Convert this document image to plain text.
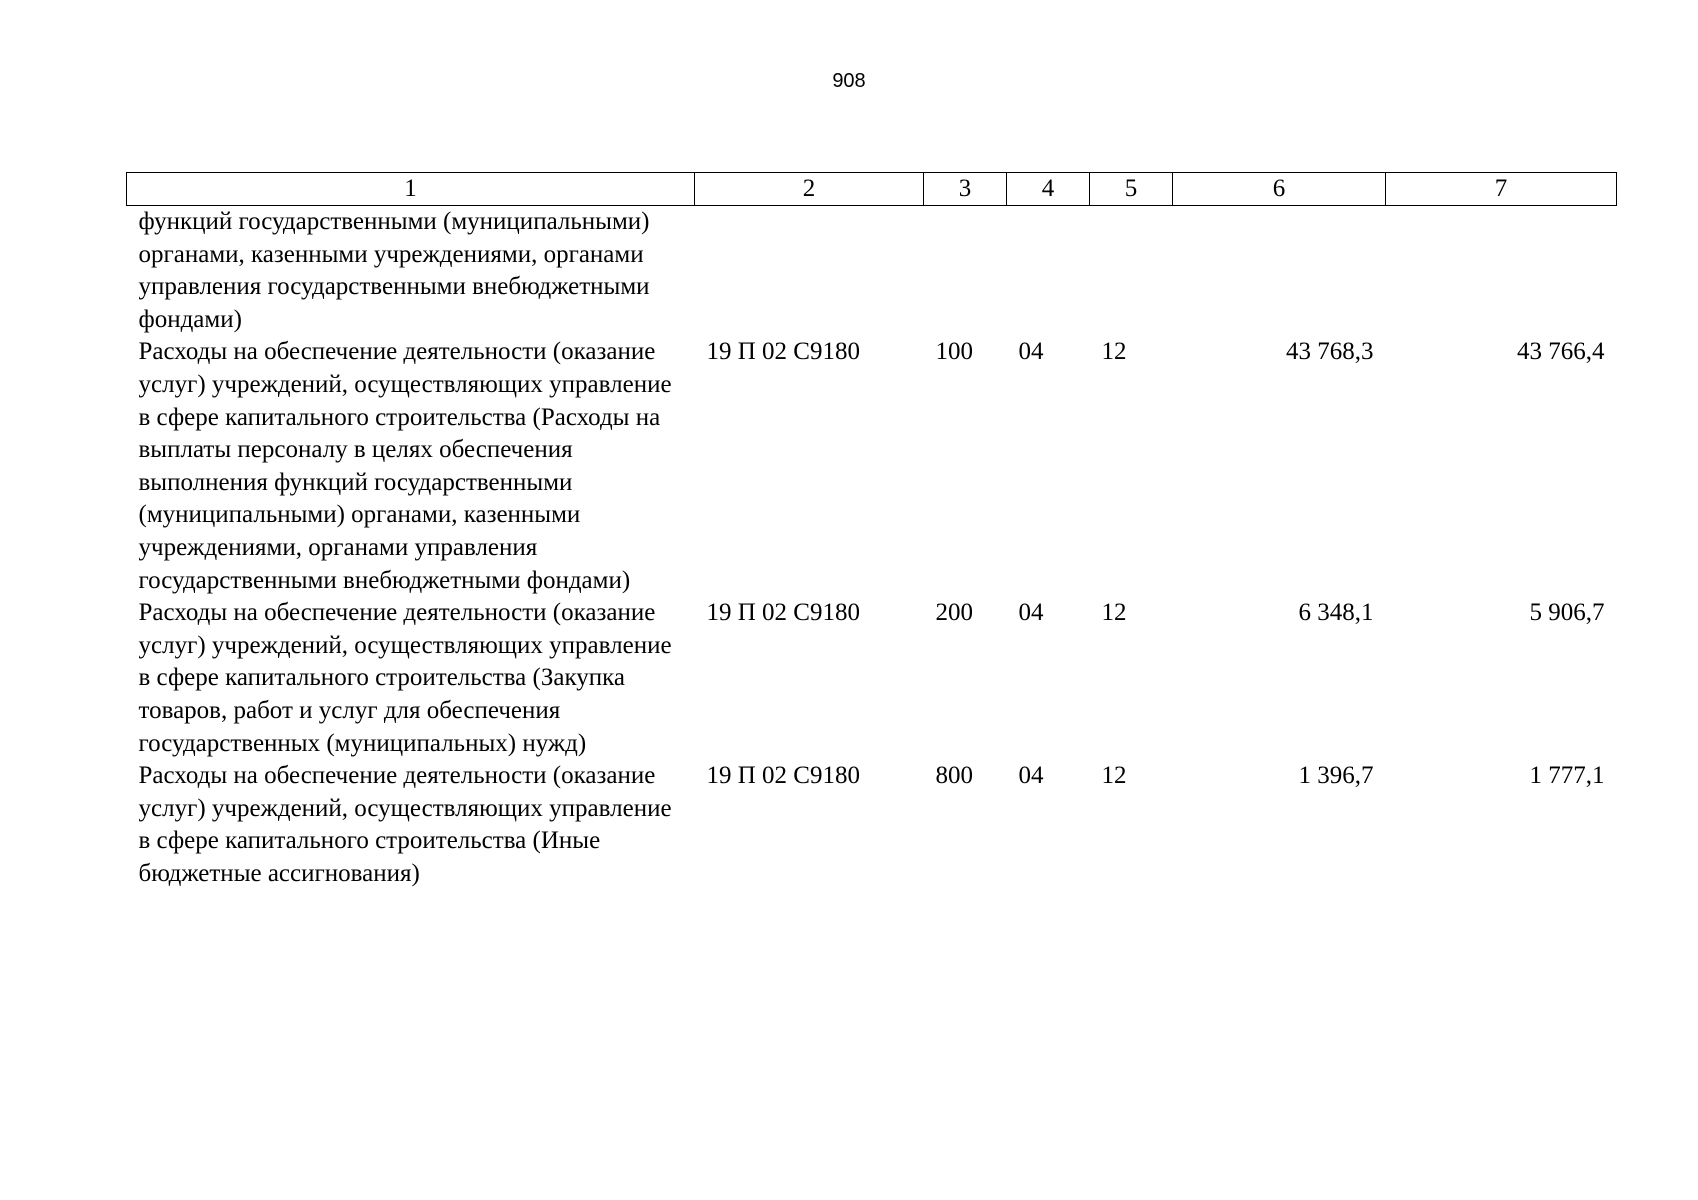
908
1	2	3	4	5	6	7
функций государственными (муниципальными) органами, казенными учреждениями, органами управления государственными внебюджетными фондами)						
Расходы на обеспечение деятельности (оказание услуг) учреждений, осуществляющих управление в сфере капитального строительства (Расходы на выплаты персоналу в целях обеспечения выполнения функций государственными (муниципальными) органами, казенными учреждениями, органами управления государственными внебюджетными фондами)	19 П 02 С9180	100	04	12	43 768,3	43 766,4
Расходы на обеспечение деятельности (оказание услуг) учреждений, осуществляющих управление в сфере капитального строительства (Закупка товаров, работ и услуг для обеспечения государственных (муниципальных) нужд)	19 П 02 С9180	200	04	12	6 348,1	5 906,7
Расходы на обеспечение деятельности (оказание услуг) учреждений, осуществляющих управление в сфере капитального строительства (Иные бюджетные ассигнования)	19 П 02 С9180	800	04	12	1 396,7	1 777,1
